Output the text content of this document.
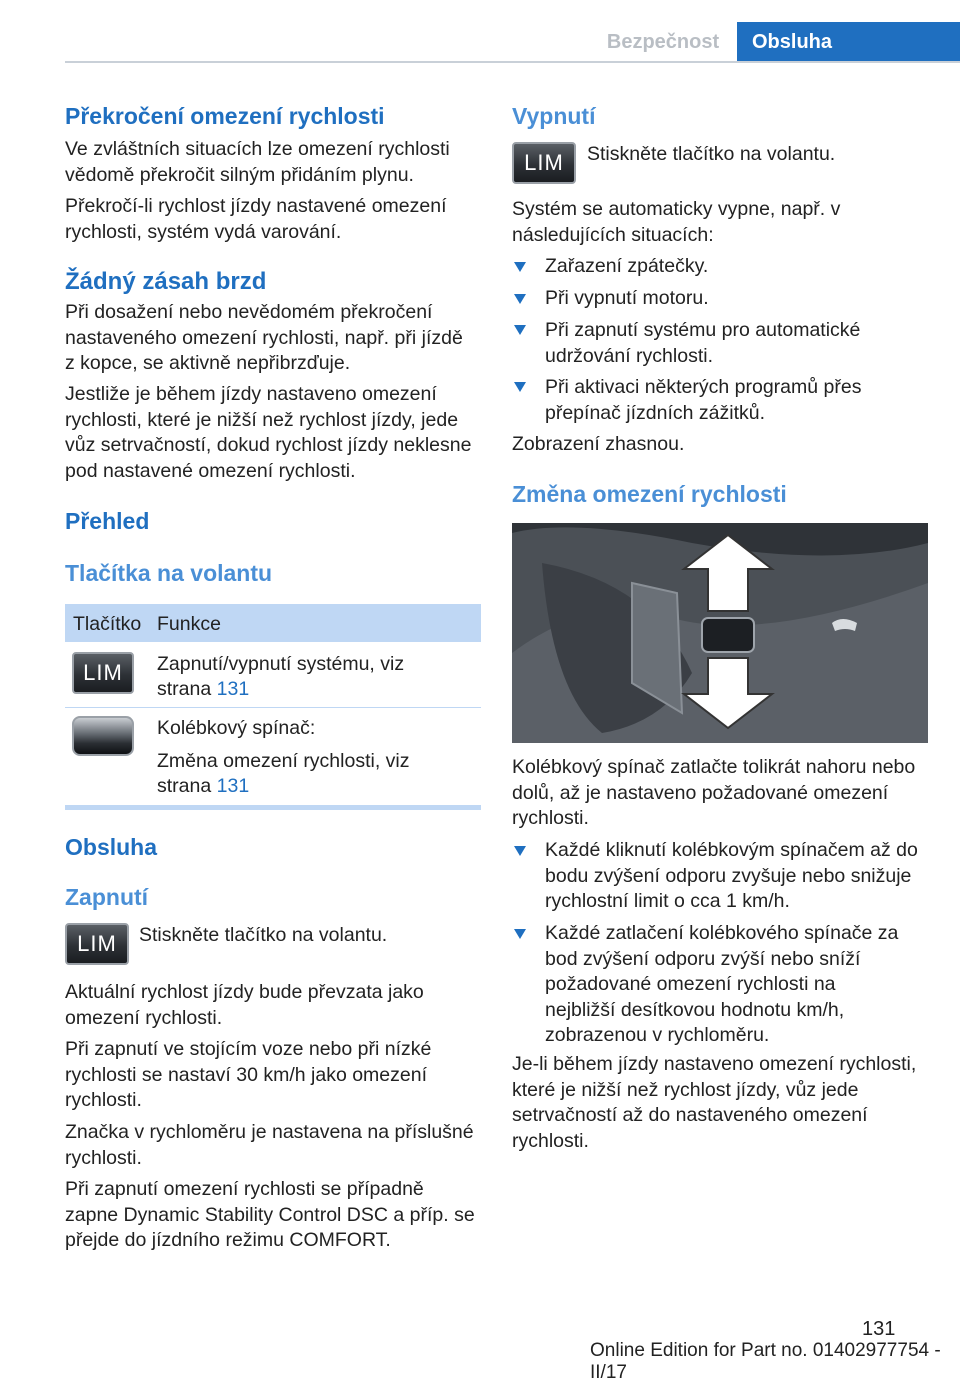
Bezpečnost	Obsluha
Překročení omezení rychlosti
Ve zvláštních situacích lze omezení rychlosti vědomě překročit silným přidáním plynu.
Překročí-li rychlost jízdy nastavené omezení rychlosti, systém vydá varování.
Žádný zásah brzd
Při dosažení nebo nevědomém překročení nastaveného omezení rychlosti, např. při jízdě z kopce, se aktivně nepřibrzďuje.
Jestliže je během jízdy nastaveno omezení rychlosti, které je nižší než rychlost jízdy, jede vůz setrvačností, dokud rychlost jízdy neklesne pod nastavené omezení rychlosti.
Přehled
Tlačítka na volantu
Tlačítko Funkce
LIM	Zapnutí/vypnutí systému, viz
strana 131
Kolébkový spínač:
Změna omezení rychlosti, viz
strana 131
Obsluha
Zapnutí
LIM	Stiskněte tlačítko na volantu.
Aktuální rychlost jízdy bude převzata jako omezení rychlosti.
Při zapnutí ve stojícím voze nebo při nízké rychlosti se nastaví 30 km/h jako omezení rychlosti.
Značka v rychloměru je nastavena na příslušné rychlosti.
Při zapnutí omezení rychlosti se případně zapne Dynamic Stability Control DSC a příp. se přejde do jízdního režimu COMFORT.
Vypnutí
LIM	Stiskněte tlačítko na volantu.
Systém se automaticky vypne, např. v následujících situacích:
Zařazení zpátečky.
Při vypnutí motoru.
Při zapnutí systému pro automatické udržování rychlosti.
Při aktivaci některých programů přes přepínač jízdních zážitků.
Zobrazení zhasnou.
Změna omezení rychlosti
Kolébkový spínač zatlačte tolikrát nahoru nebo dolů, až je nastaveno požadované omezení rychlosti.
Každé kliknutí kolébkovým spínačem až do bodu zvýšení odporu zvyšuje nebo snižuje rychlostní limit o cca 1 km/h.
Každé zatlačení kolébkového spínače za bod zvýšení odporu zvýší nebo sníží požadované omezení rychlosti na nejbližší desítkovou hodnotu km/h, zobrazenou v rychloměru.
Je-li během jízdy nastaveno omezení rychlosti, které je nižší než rychlost jízdy, vůz jede setrvačností až do nastaveného omezení rychlosti.
131
Online Edition for Part no. 01402977754 - II/17
